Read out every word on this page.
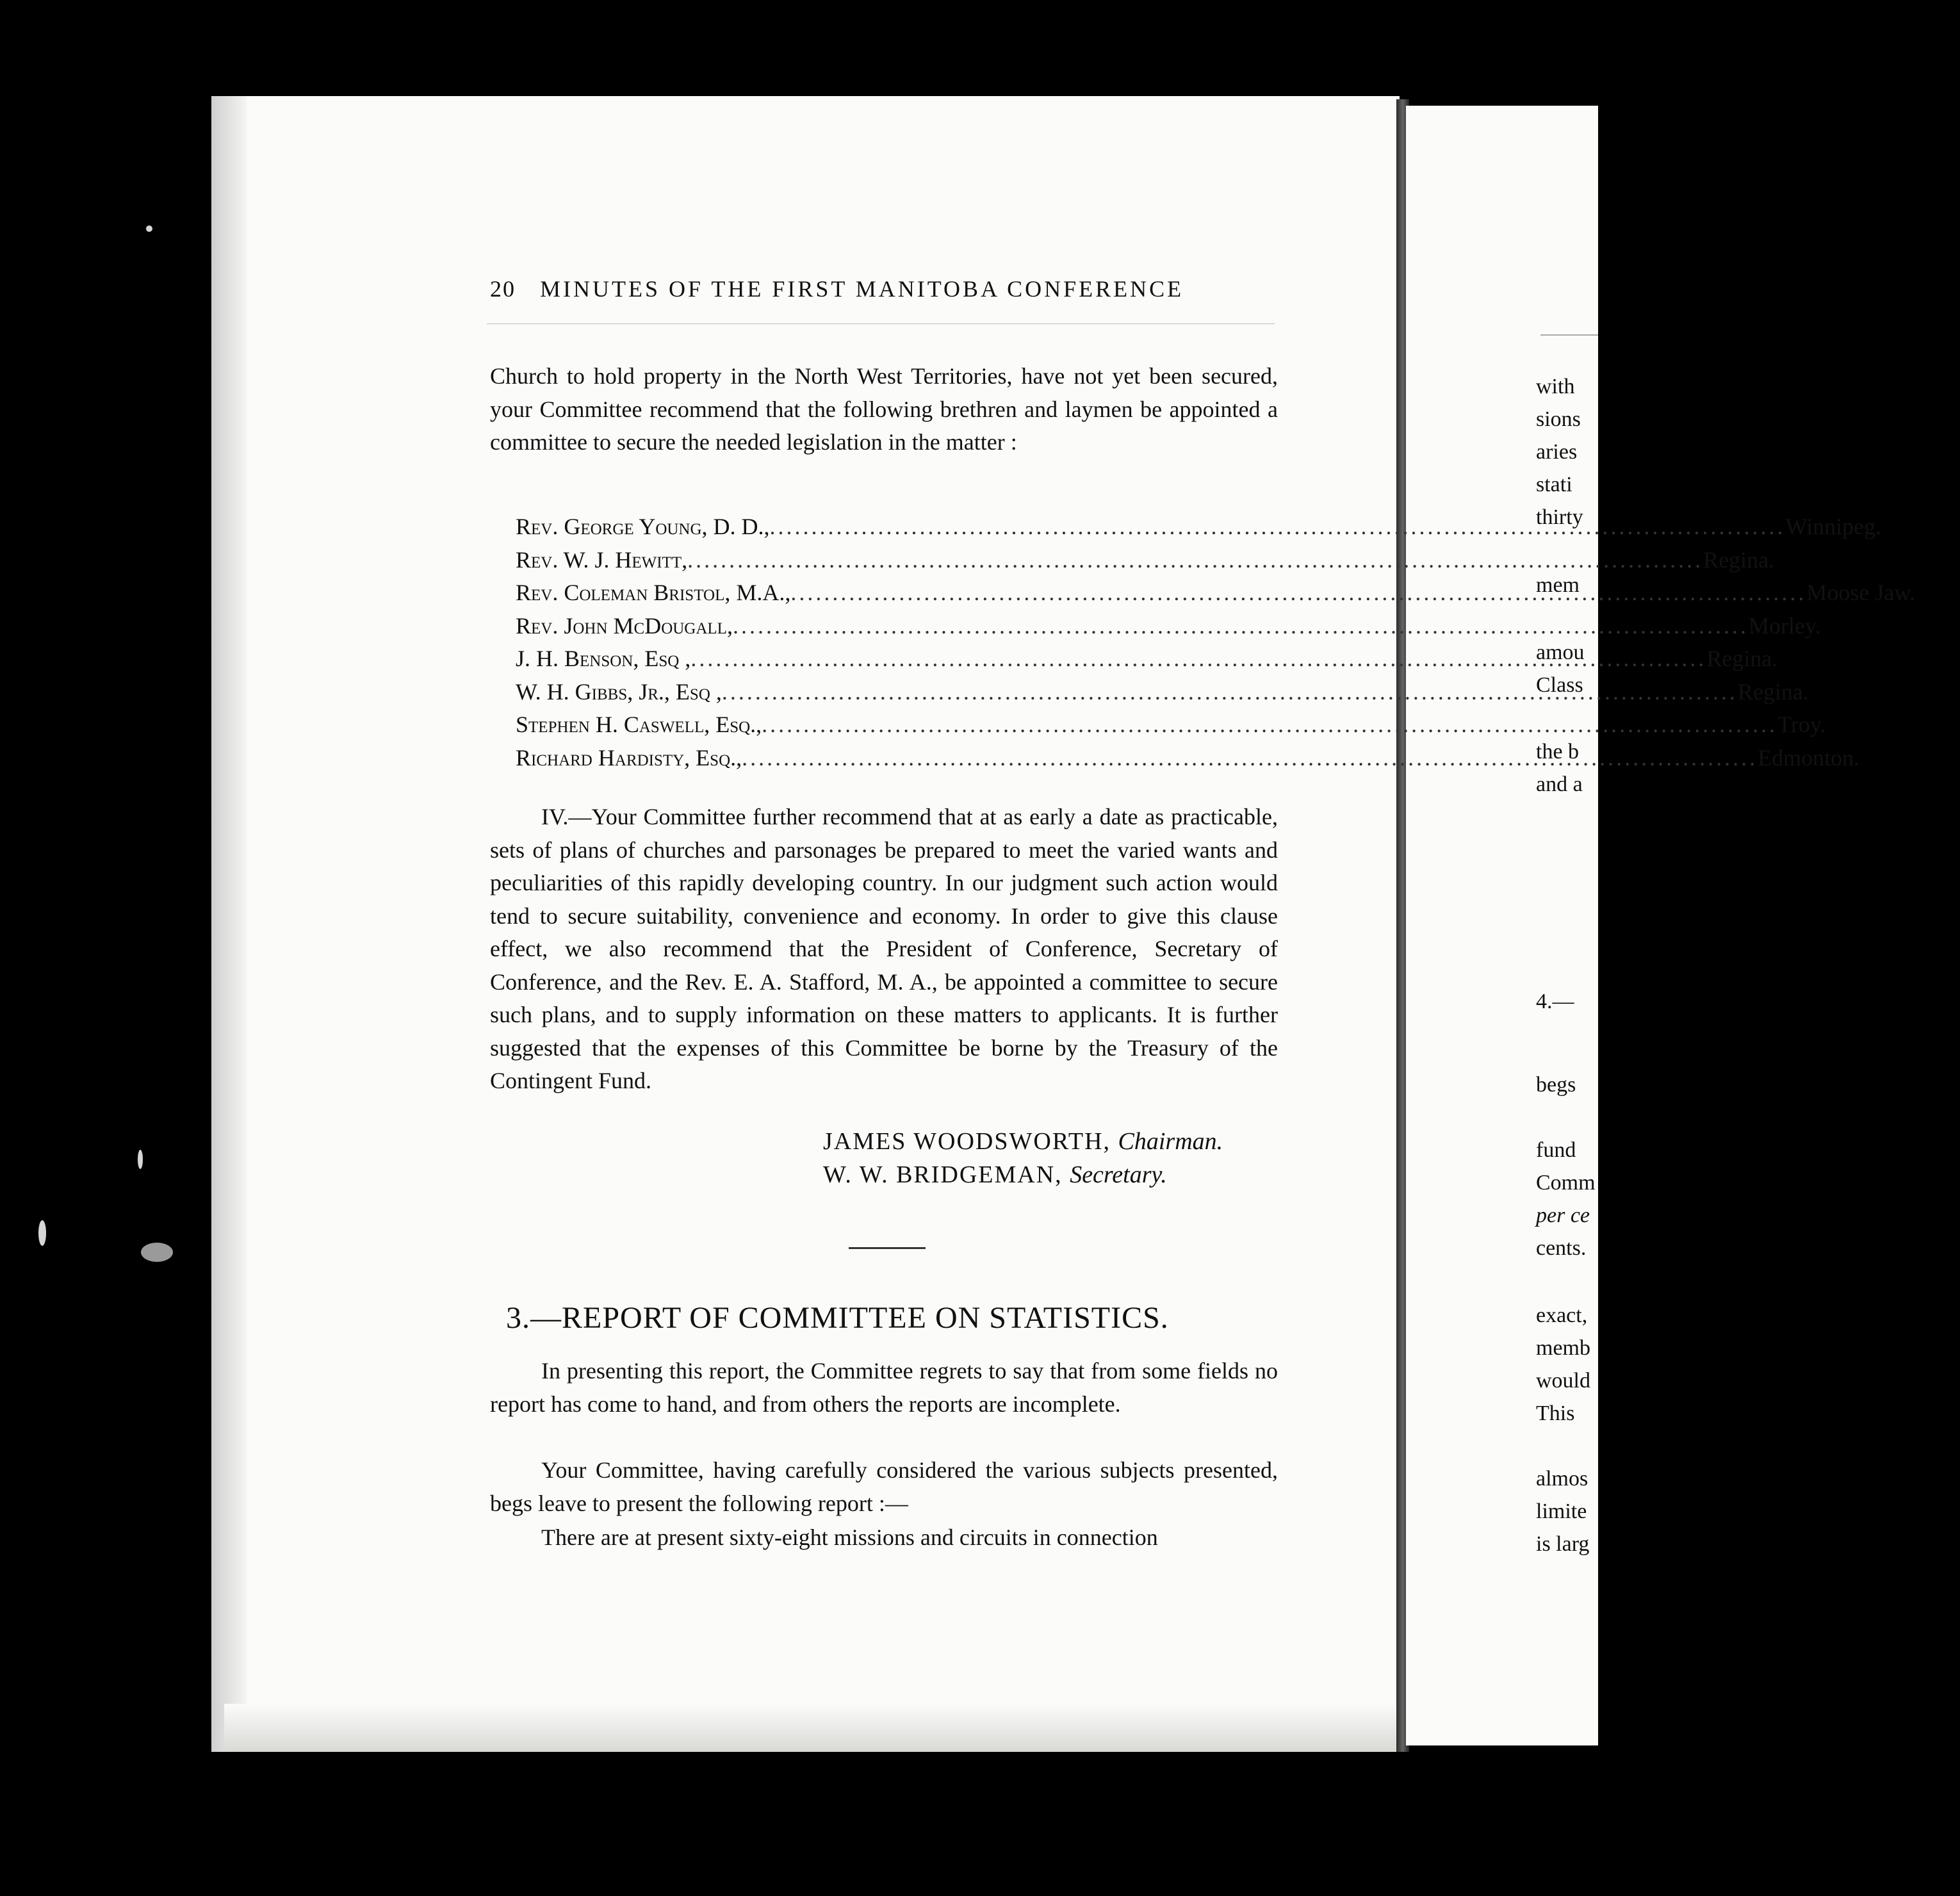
20 MINUTES OF THE FIRST MANITOBA CONFERENCE
Church to hold property in the North West Territories, have not yet been secured, your Committee recommend that the following brethren and laymen be appointed a committee to secure the needed legislation in the matter :
Rev. George Young, D. D., .....	Winnipeg.
Rev. W. J. Hewitt, .....	Regina.
Rev. Coleman Bristol, M.A., .....	Moose Jaw.
Rev. John McDougall, .....	Morley.
J. H. Benson, Esq , .....	Regina.
W. H. Gibbs, Jr., Esq , .....	Regina.
Stephen H. Caswell, Esq., .....	Troy.
Richard Hardisty, Esq., .....	Edmonton.
IV.—Your Committee further recommend that at as early a date as practicable, sets of plans of churches and parsonages be prepared to meet the varied wants and peculiarities of this rapidly developing country. In our judgment such action would tend to secure suitability, convenience and economy. In order to give this clause effect, we also recommend that the President of Conference, Secretary of Conference, and the Rev. E. A. Stafford, M. A., be appointed a committee to secure such plans, and to supply information on these matters to applicants. It is further suggested that the expenses of this Committee be borne by the Treasury of the Contingent Fund.
JAMES WOODSWORTH, Chairman.
W. W. BRIDGEMAN, Secretary.
3.—REPORT OF COMMITTEE ON STATISTICS.
In presenting this report, the Committee regrets to say that from some fields no report has come to hand, and from others the reports are incomplete.
Your Committee, having carefully considered the various subjects presented, begs leave to present the following report :—
There are at present sixty-eight missions and circuits in connection
with
sions
aries
stati
thirty
mem
amou
Class
the b
and a
4.—
begs
fund
Comm
per ce
cents.
exact,
memb
would
This
almos
limite
is larg
